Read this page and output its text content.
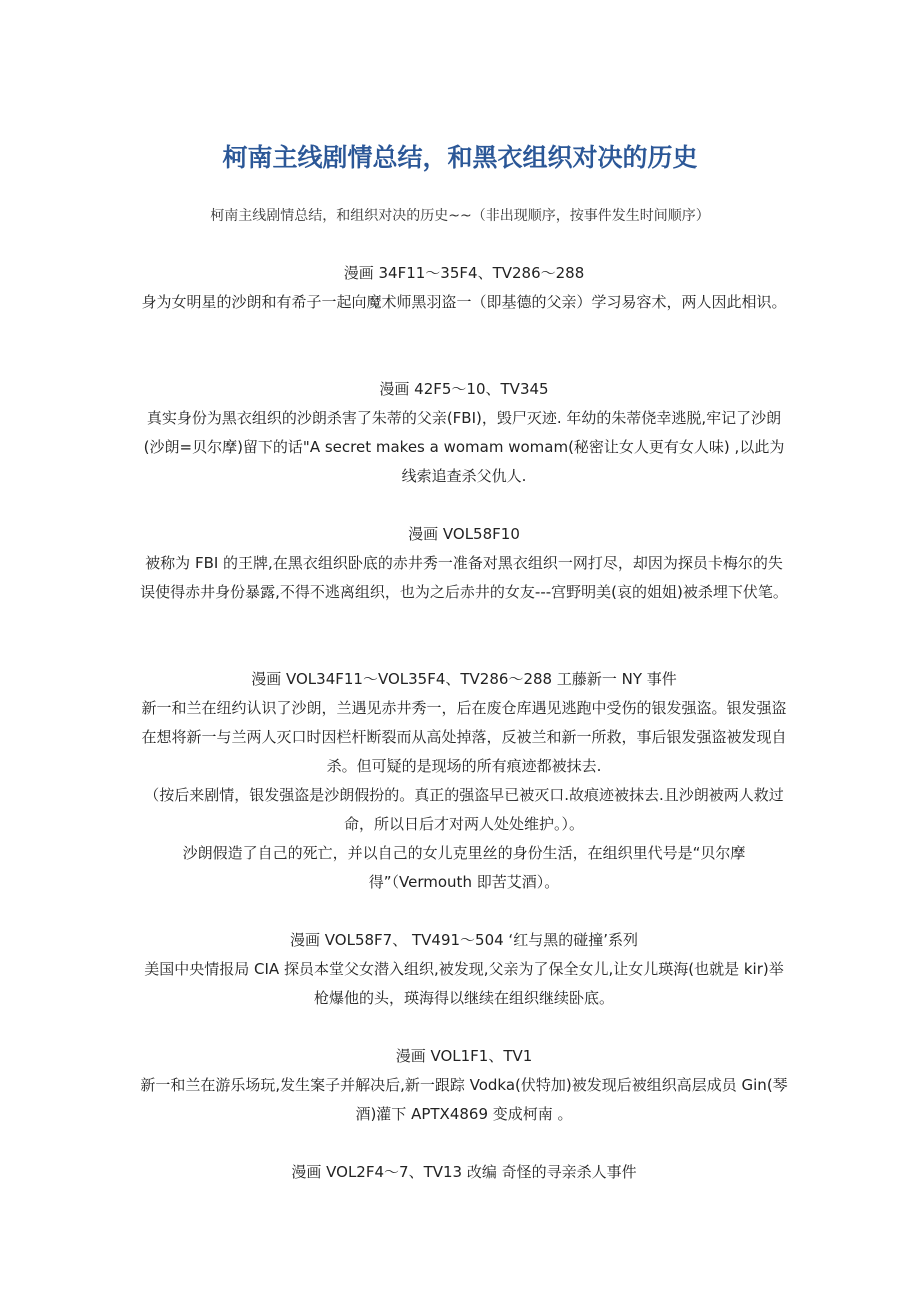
柯南主线剧情总结，和黑衣组织对决的历史
柯南主线剧情总结，和组织对决的历史~~（非出现顺序，按事件发生时间顺序）

漫画 34F11～35F4、TV286～288

身为女明星的沙朗和有希子一起向魔术师黑羽盗一（即基德的父亲）学习易容术，两人因此相识。

漫画 42F5～10、TV345

真实身份为黑衣组织的沙朗杀害了朱蒂的父亲(FBI)，毁尸灭迹. 年幼的朱蒂侥幸逃脱,牢记了沙朗(沙朗=贝尔摩)留下的话"A secret makes a womam womam(秘密让女人更有女人味) ,以此为线索追查杀父仇人.

漫画 VOL58F10

被称为 FBI 的王牌,在黑衣组织卧底的赤井秀一准备对黑衣组织一网打尽，却因为探员卡梅尔的失误使得赤井身份暴露,不得不逃离组织，也为之后赤井的女友---宫野明美(哀的姐姐)被杀埋下伏笔。

漫画 VOL34F11～VOL35F4、TV286～288 工藤新一 NY 事件

新一和兰在纽约认识了沙朗，兰遇见赤井秀一，后在废仓库遇见逃跑中受伤的银发强盗。银发强盗在想将新一与兰两人灭口时因栏杆断裂而从高处掉落，反被兰和新一所救，事后银发强盗被发现自杀。但可疑的是现场的所有痕迹都被抹去.

（按后来剧情，银发强盗是沙朗假扮的。真正的强盗早已被灭口.故痕迹被抹去.且沙朗被两人救过命，所以日后才对两人处处维护。）。

沙朗假造了自己的死亡，并以自己的女儿克里丝的身份生活，在组织里代号是“贝尔摩得”（Vermouth 即苦艾酒）。

漫画 VOL58F7、 TV491～504 ‘红与黑的碰撞’系列

美国中央情报局 CIA 探员本堂父女潜入组织,被发现,父亲为了保全女儿,让女儿瑛海(也就是 kir)举枪爆他的头，瑛海得以继续在组织继续卧底。

漫画 VOL1F1、TV1

新一和兰在游乐场玩,发生案子并解决后,新一跟踪 Vodka(伏特加)被发现后被组织高层成员 Gin(琴酒)灌下 APTX4869 变成柯南 。

漫画 VOL2F4～7、TV13 改编 奇怪的寻亲杀人事件
